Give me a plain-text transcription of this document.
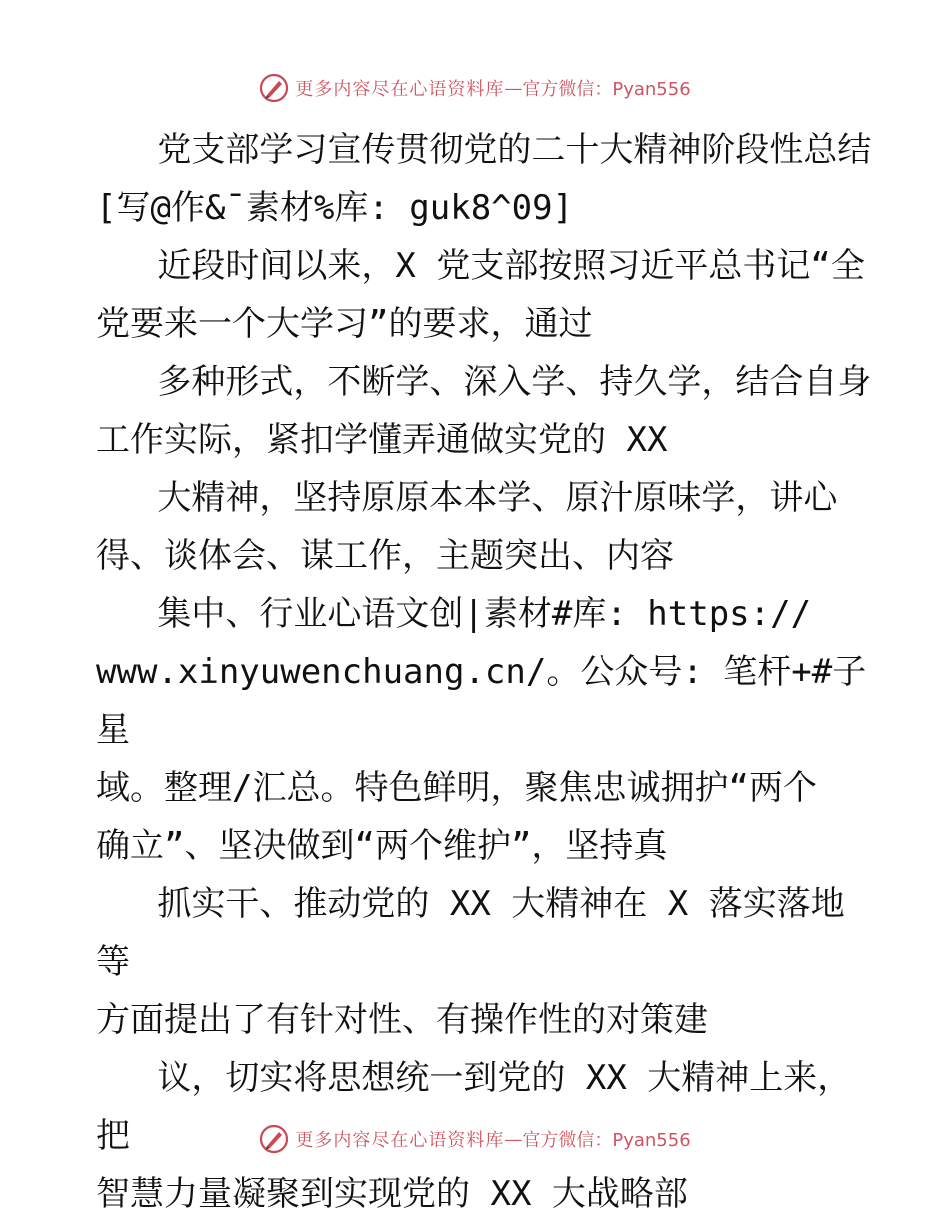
更多内容尽在心语资料库 — 官方微信：Pyan556

党支部学习宣传贯彻党的二十大精神阶段性总结

[写@作&¯素材%库: guk8^09]

近段时间以来，X 党支部按照习近平总书记“全

党要来一个大学习”的要求，通过

多种形式，不断学、深入学、持久学，结合自身

工作实际，紧扣学懂弄通做实党的 XX

大精神，坚持原原本本学、原汁原味学，讲心

得、谈体会、谋工作，主题突出、内容

集中、行业心语文创|素材#库: https://

www.xinyuwenchuang.cn/。公众号: 笔杆+#子星

域。整理/汇总。特色鲜明，聚焦忠诚拥护“两个

确立”、坚决做到“两个维护”，坚持真

抓实干、推动党的 XX 大精神在 X 落实落地等

方面提出了有针对性、有操作性的对策建

议，切实将思想统一到党的 XX 大精神上来，把

智慧力量凝聚到实现党的 XX 大战略部

更多内容尽在心语资料库 — 官方微信：Pyan556
